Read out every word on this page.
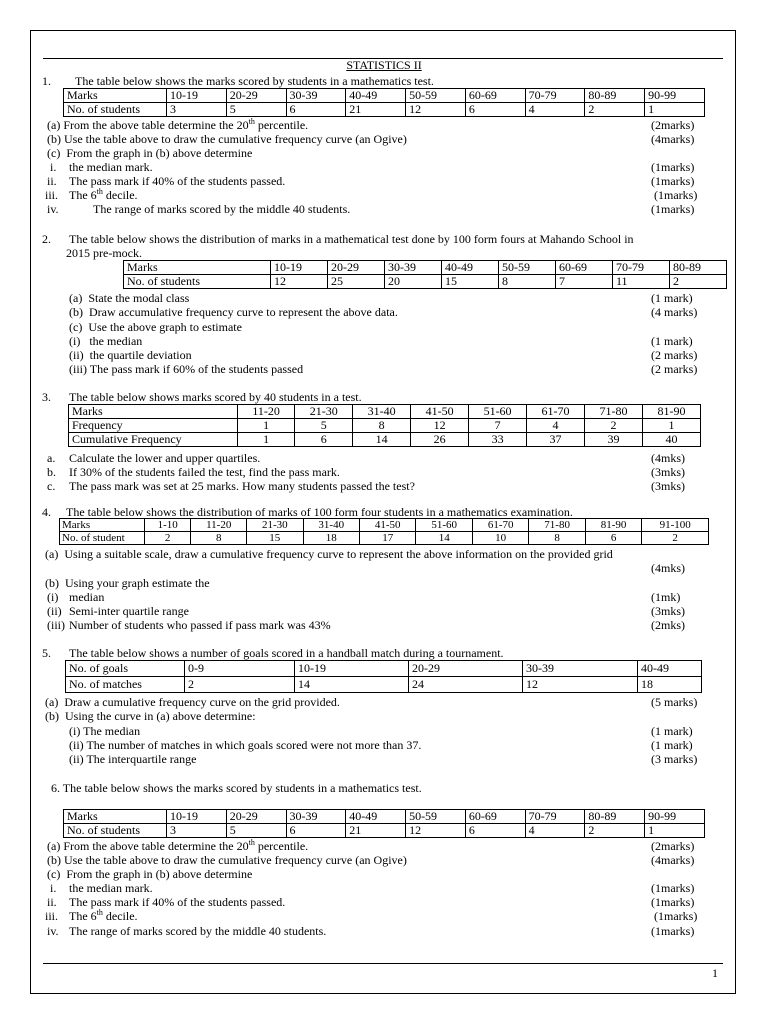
STATISTICS II
1. The table below shows the marks scored by students in a mathematics test.
Marks	10-19	20-29	30-39	40-49	50-59	60-69	70-79	80-89	90-99
No. of students	3	5	6	21	12	6	4	2	1
(a) From the above table determine the 20th percentile.	(2marks)
(b) Use the table above to draw the cumulative frequency curve (an Ogive)	(4marks)
(c) From the graph in (b) above determine
i. the median mark.	(1marks)
ii. The pass mark if 40% of the students passed.	(1marks)
iii. The 6th decile.	(1marks)
iv.	The range of marks scored by the middle 40 students.	(1marks)
2. The table below shows the distribution of marks in a mathematical test done by 100 form fours at Mahando School in
2015 pre-mock.
Marks	10-19	20-29	30-39	40-49	50-59	60-69	70-79	80-89
No. of students	12	25	20	15	8	7	11	2
(a) State the modal class	(1 mark)
(b) Draw accumulative frequency curve to represent the above data.	(4 marks)
(c) Use the above graph to estimate
(i) the median	(1 mark)
(ii) the quartile deviation	(2 marks)
(iii) The pass mark if 60% of the students passed	(2 marks)
3. The table below shows marks scored by 40 students in a test.
Marks	11-20	21-30	31-40	41-50	51-60	61-70	71-80	81-90
Frequency	1	5	8	12	7	4	2	1
Cumulative Frequency	1	6	14	26	33	37	39	40
a. Calculate the lower and upper quartiles.	(4mks)
b. If 30% of the students failed the test, find the pass mark.	(3mks)
c. The pass mark was set at 25 marks. How many students passed the test?	(3mks)
4. The table below shows the distribution of marks of 100 form four students in a mathematics examination.
Marks	1-10	11-20	21-30	31-40	41-50	51-60	61-70	71-80	81-90	91-100
No. of student	2	8	15	18	17	14	10	8	6	2
(a) Using a suitable scale, draw a cumulative frequency curve to represent the above information on the provided grid
(4mks)
(b) Using your graph estimate the
(i) median	(1mk)
(ii) Semi-inter quartile range	(3mks)
(iii) Number of students who passed if pass mark was 43%	(2mks)
5. The table below shows a number of goals scored in a handball match during a tournament.
No. of goals	0-9	10-19	20-29	30-39	40-49
No. of matches	2	14	24	12	18
(a) Draw a cumulative frequency curve on the grid provided.	(5 marks)
(b) Using the curve in (a) above determine:
(i) The median	(1 mark)
(ii) The number of matches in which goals scored were not more than 37.	(1 mark)
(ii) The interquartile range	(3 marks)
6. The table below shows the marks scored by students in a mathematics test.
Marks	10-19	20-29	30-39	40-49	50-59	60-69	70-79	80-89	90-99
No. of students	3	5	6	21	12	6	4	2	1
(a) From the above table determine the 20th percentile.	(2marks)
(b) Use the table above to draw the cumulative frequency curve (an Ogive)	(4marks)
(c) From the graph in (b) above determine
i. the median mark.	(1marks)
ii. The pass mark if 40% of the students passed.	(1marks)
iii. The 6th decile.	(1marks)
iv. The range of marks scored by the middle 40 students.	(1marks)
1
